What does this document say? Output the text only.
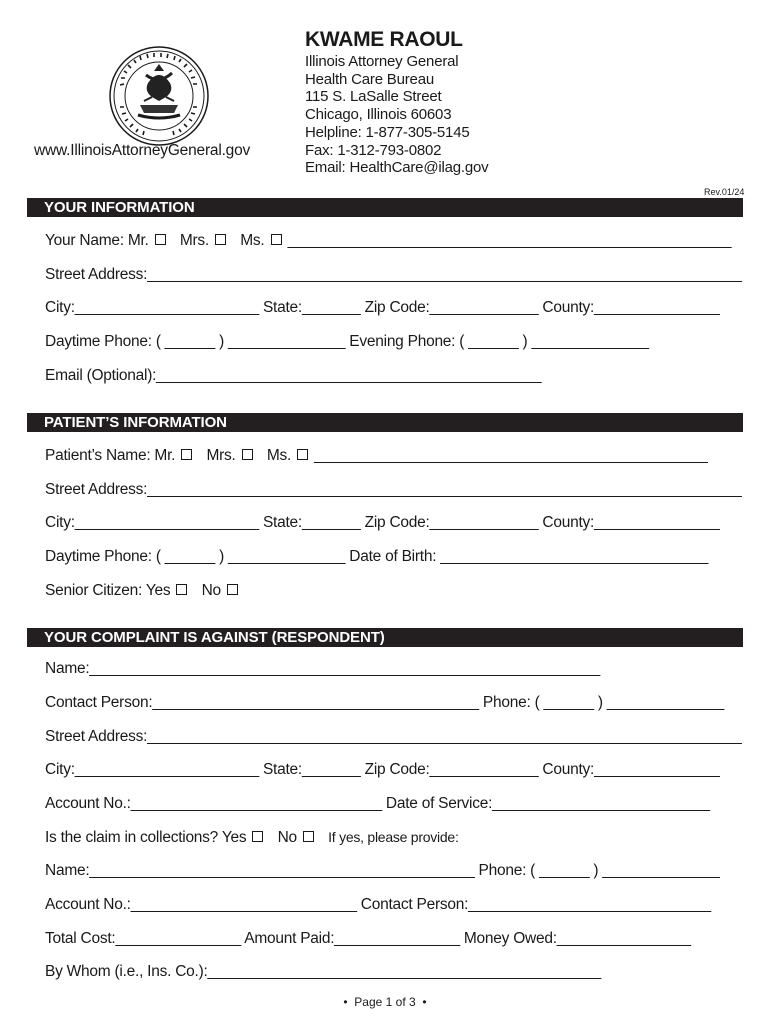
www.IllinoisAttorneyGeneral.gov
KWAME RAOUL
Illinois Attorney General
Health Care Bureau
115 S. LaSalle Street
Chicago, Illinois 60603
Helpline: 1-877-305-5145
Fax: 1-312-793-0802
Email: HealthCare@ilag.gov
Rev.01/24
YOUR INFORMATION
Your Name: Mr. Mrs. Ms. _____________________________________________________
Street Address:_______________________________________________________________________
City:______________________ State:_______ Zip Code:_____________ County:_______________
Daytime Phone: ( ______ ) ______________ Evening Phone: ( ______ ) ______________
Email (Optional):______________________________________________
PATIENT’S INFORMATION
Patient’s Name: Mr. Mrs. Ms. _______________________________________________
Street Address:_______________________________________________________________________
City:______________________ State:_______ Zip Code:_____________ County:_______________
Daytime Phone: ( ______ ) ______________ Date of Birth: ________________________________
Senior Citizen: Yes No
YOUR COMPLAINT IS AGAINST (RESPONDENT)
Name:_____________________________________________________________
Contact Person:_______________________________________ Phone: ( ______ ) ______________
Street Address:_______________________________________________________________________
City:______________________ State:_______ Zip Code:_____________ County:_______________
Account No.:______________________________ Date of Service:__________________________
Is the claim in collections? Yes No If yes, please provide:
Name:______________________________________________ Phone: ( ______ ) ______________
Account No.:___________________________ Contact Person:_____________________________
Total Cost:_______________ Amount Paid:_______________ Money Owed:________________
By Whom (i.e., Ins. Co.):_______________________________________________
• Page 1 of 3 •
